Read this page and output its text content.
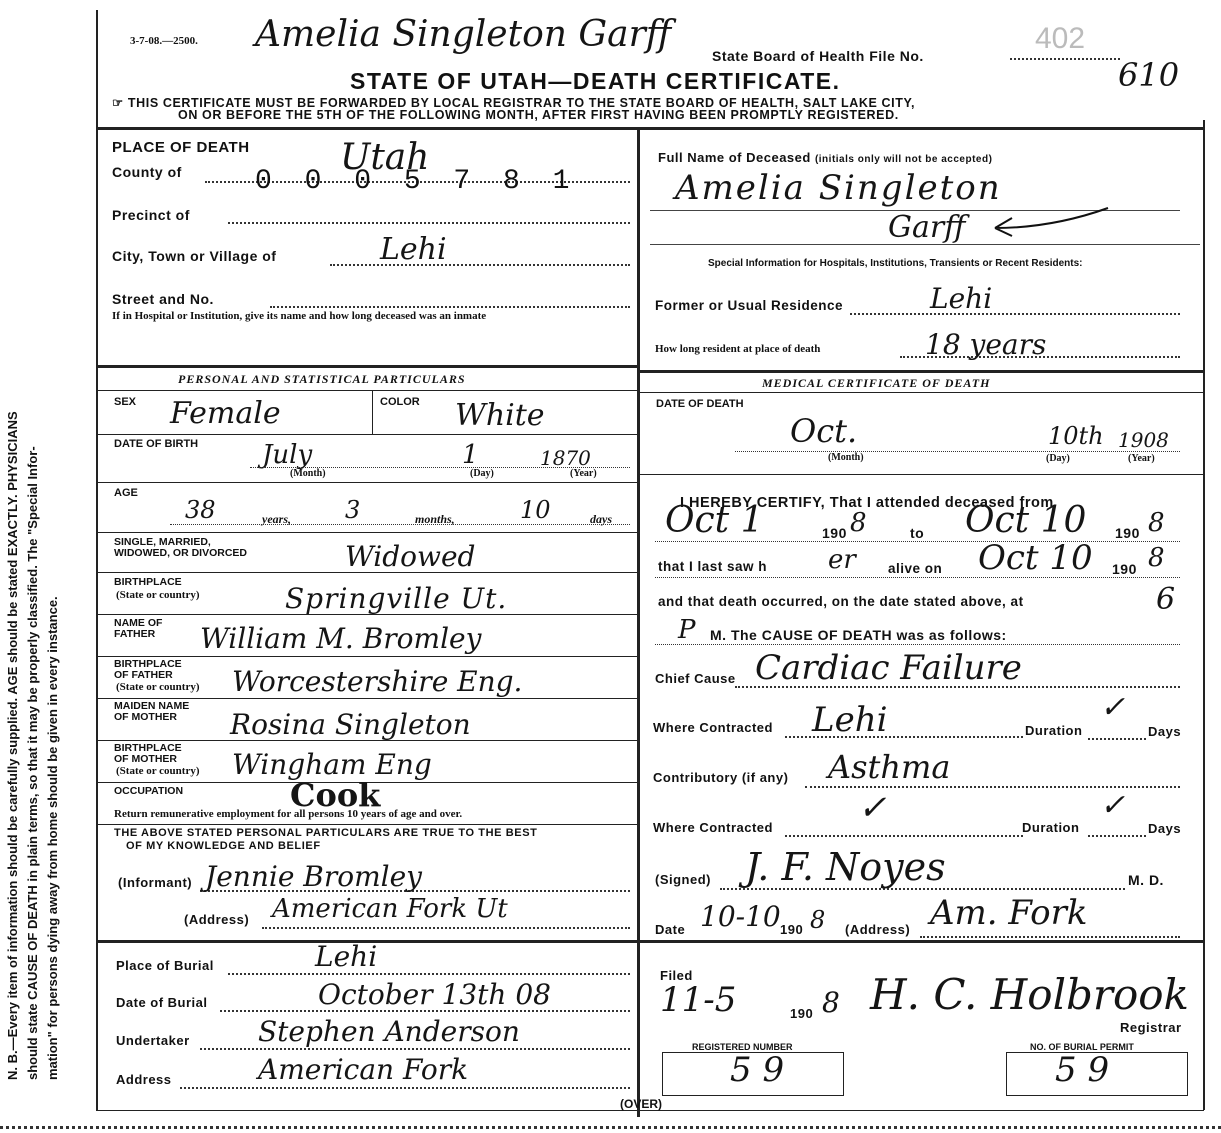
N. B.—Every item of information should be carefully supplied. AGE should be stated EXACTLY. PHYSICIANS should state CAUSE OF DEATH in plain terms, so that it may be properly classified. The "Special Infor- mation" for persons dying away from home should be given in every instance.
3-7-08.—2500. Amelia Singleton Garff
State Board of Health File No.
402
610
STATE OF UTAH—DEATH CERTIFICATE.
☞ THIS CERTIFICATE MUST BE FORWARDED BY LOCAL REGISTRAR TO THE STATE BOARD OF HEALTH, SALT LAKE CITY,
ON OR BEFORE THE 5TH OF THE FOLLOWING MONTH, AFTER FIRST HAVING BEEN PROMPTLY REGISTERED.
PLACE OF DEATH
County of	Utah
0 0 0 5 7 8 1
Precinct of
City, Town or Village of	Lehi
Street and No.
If in Hospital or Institution, give its name and how long deceased was an inmate
Full Name of Deceased (initials only will not be accepted)
Amelia Singleton
Garff
Special Information for Hospitals, Institutions, Transients or Recent Residents:
Former or Usual Residence	Lehi
How long resident at place of death	18 years
PERSONAL AND STATISTICAL PARTICULARS
SEX Female	COLOR White
DATE OF BIRTH July	1	1870
(Month)	(Day)	(Year)
AGE
38	years, 3	months,	10	days
SINGLE, MARRIED,
WIDOWED, OR DIVORCED	Widowed
BIRTHPLACE
(State or country)	Springville Ut.
NAME OF
FATHER William M. Bromley
BIRTHPLACE
OF FATHER
(State or country) Worcestershire Eng.
MAIDEN NAME
OF MOTHER Rosina Singleton
BIRTHPLACE
OF MOTHER
(State or country) Wingham Eng
OCCUPATION	Cook
Return remunerative employment for all persons 10 years of age and over.
THE ABOVE STATED PERSONAL PARTICULARS ARE TRUE TO THE BEST
OF MY KNOWLEDGE AND BELIEF
(Informant) Jennie Bromley
(Address) American Fork Ut
MEDICAL CERTIFICATE OF DEATH
DATE OF DEATH
Oct.	10th 1908
(Month)	(Day)	(Year)
I HEREBY CERTIFY, That I attended deceased from
Oct 1	190 8	to Oct 10 190 8
that I last saw h er alive on Oct 10 190 8
and that death occurred, on the date stated above, at	6
P M. The CAUSE OF DEATH was as follows:
Chief Cause Cardiac Failure
Where Contracted Lehi	Duration
✓
Days
Contributory (if any) Asthma
✓	✓
Where Contracted	Duration	Days
(Signed) J. F. Noyes	M. D.
Date 10-10 190 8 (Address) Am. Fork
Place of Burial	Lehi
Date of Burial	October 13th 08
Undertaker Stephen Anderson
Address	American Fork
Filed
11-5	190 8 H. C. Holbrook
Registrar
REGISTERED NUMBER
5 9
NO. OF BURIAL PERMIT
5 9
(OVER)
